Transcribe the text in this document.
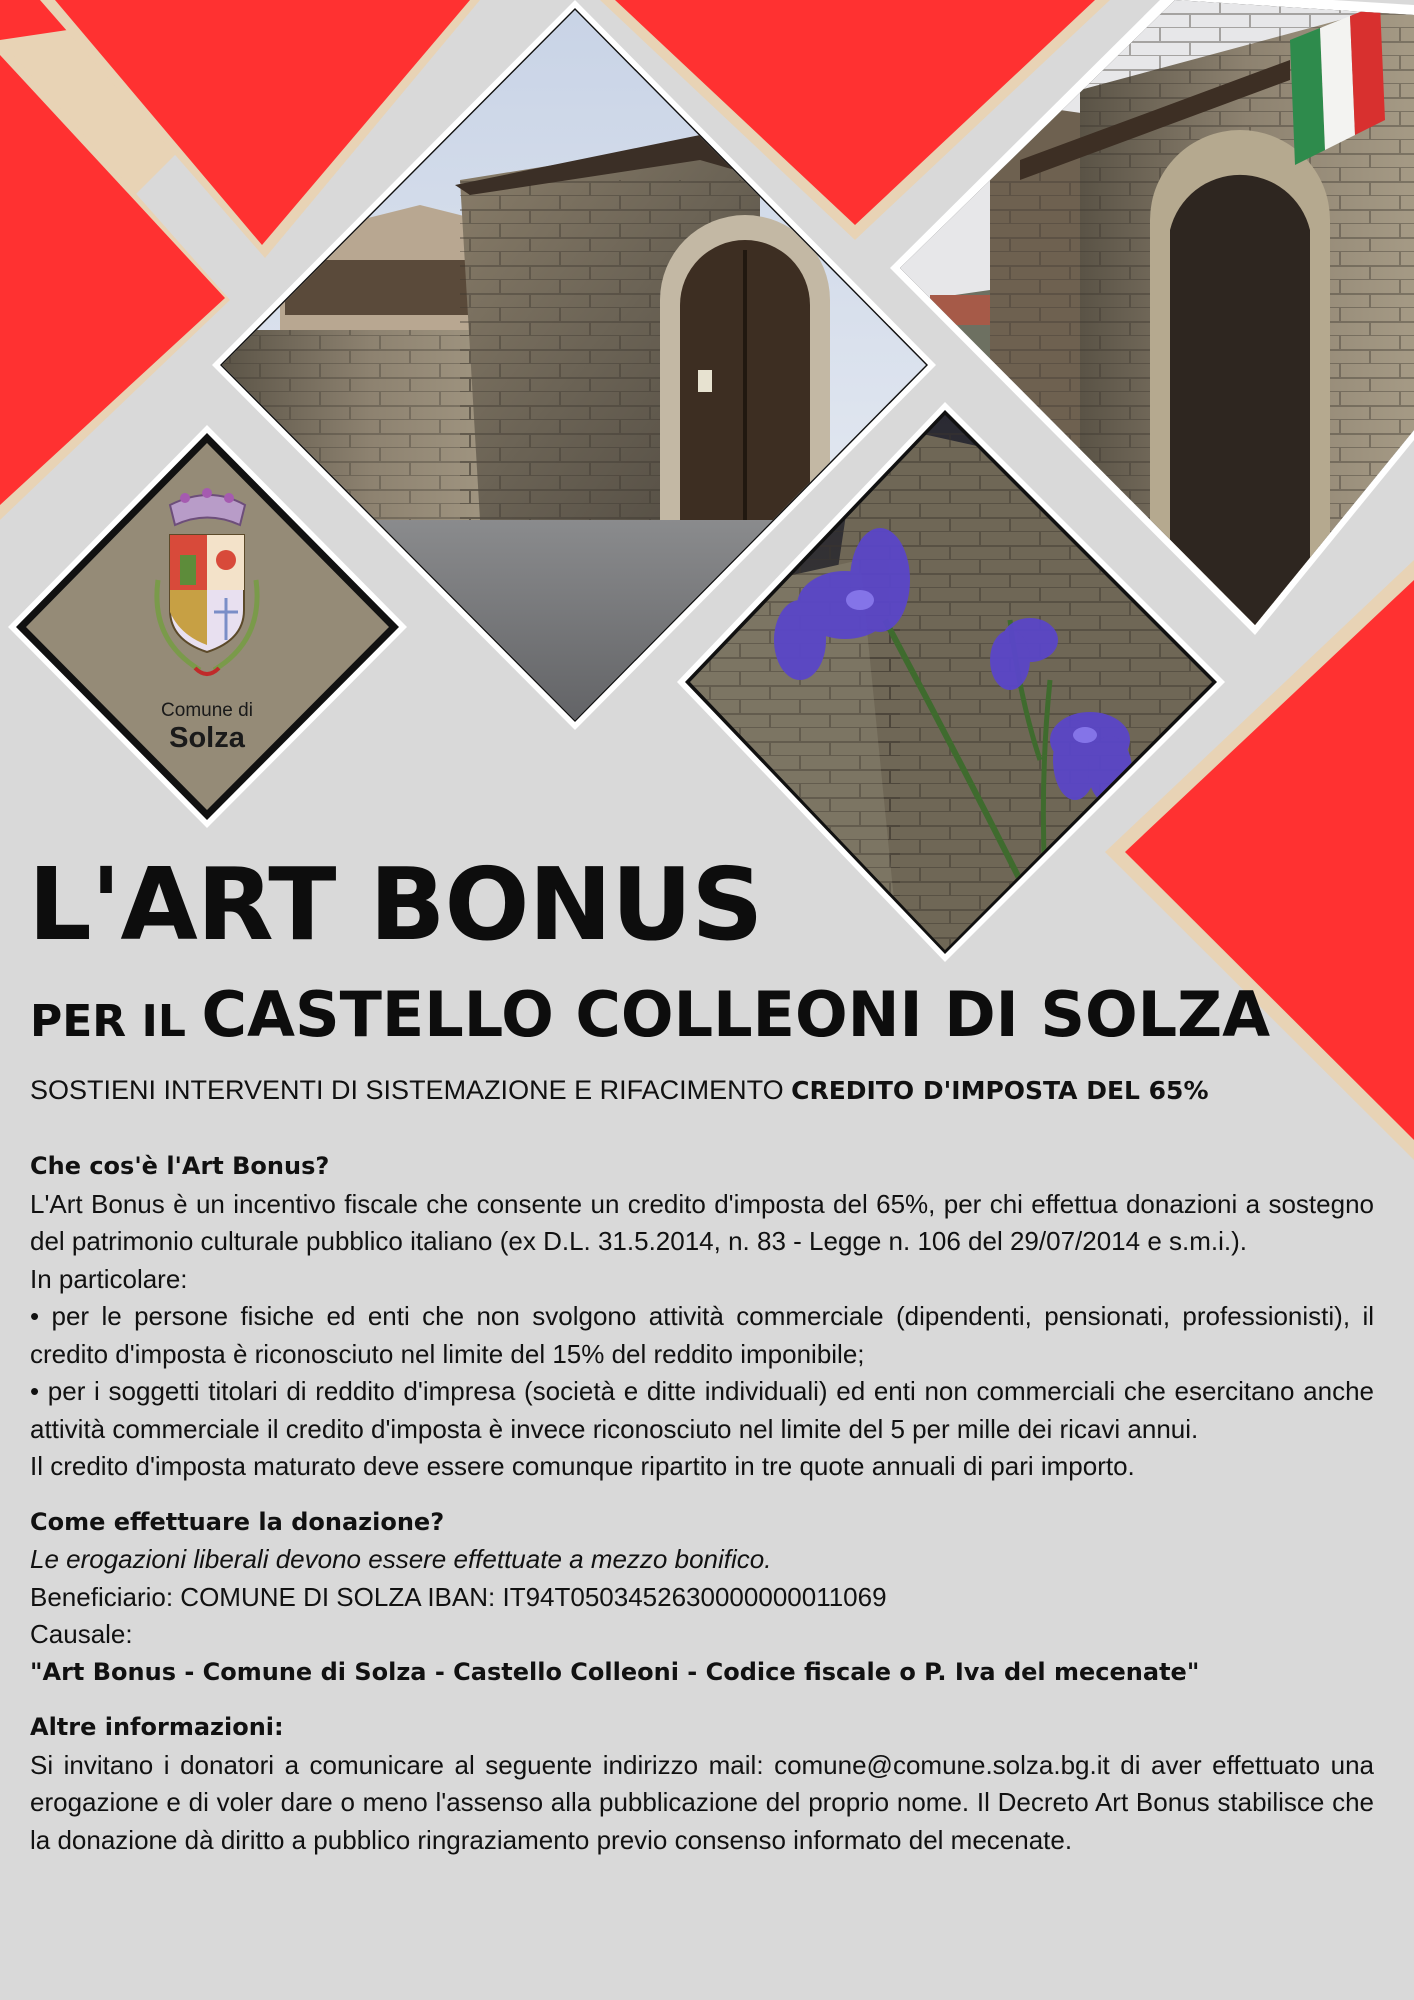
Comune di
Solza
L'ART BONUS
PER IL CASTELLO COLLEONI DI SOLZA
SOSTIENI INTERVENTI DI SISTEMAZIONE E RIFACIMENTO CREDITO D'IMPOSTA DEL 65%
Che cos'è l'Art Bonus?

L'Art Bonus è un incentivo fiscale che consente un credito d'imposta del 65%, per chi effettua donazioni a sostegno del patrimonio culturale pubblico italiano (ex D.L. 31.5.2014, n. 83 - Legge n. 106 del 29/07/2014 e s.m.i.).

In particolare:

• per le persone fisiche ed enti che non svolgono attività commerciale (dipendenti, pensionati, professionisti), il credito d'imposta è riconosciuto nel limite del 15% del reddito imponibile;

• per i soggetti titolari di reddito d'impresa (società e ditte individuali) ed enti non commerciali che esercitano anche attività commerciale il credito d'imposta è invece riconosciuto nel limite del 5 per mille dei ricavi annui.

Il credito d'imposta maturato deve essere comunque ripartito in tre quote annuali di pari importo.

Come effettuare la donazione?

Le erogazioni liberali devono essere effettuate a mezzo bonifico.

Beneficiario: COMUNE DI SOLZA IBAN: IT94T0503452630000000011069

Causale:

"Art Bonus - Comune di Solza - Castello Colleoni - Codice fiscale o P. Iva del mecenate"

Altre informazioni:

Si invitano i donatori a comunicare al seguente indirizzo mail: comune@comune.solza.bg.it di aver effettuato una erogazione e di voler dare o meno l'assenso alla pubblicazione del proprio nome. Il Decreto Art Bonus stabilisce che la donazione dà diritto a pubblico ringraziamento previo consenso informato del mecenate.
